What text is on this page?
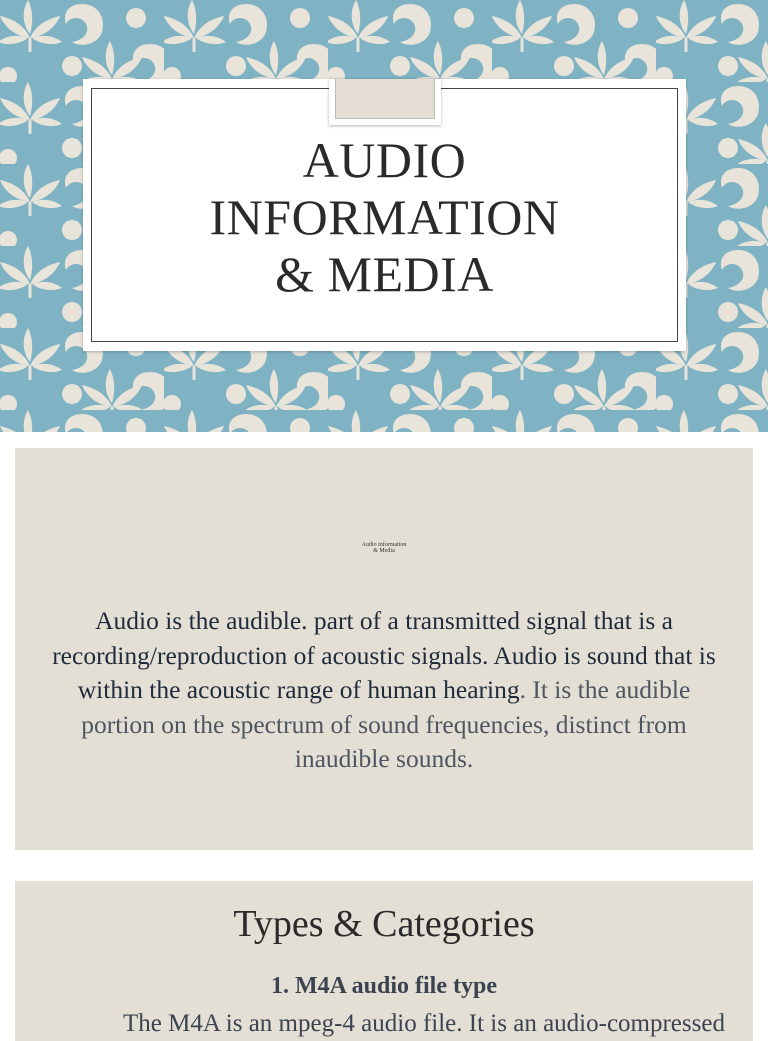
AUDIO
INFORMATION
& MEDIA
Audio information
& Media
Audio is the audible. part of a transmitted signal that is a recording/reproduction of acoustic signals. Audio is sound that is within the acoustic range of human hearing. It is the audible portion on the spectrum of sound frequencies, distinct from inaudible sounds.
Types & Categories
1. M4A audio file type
The M4A is an mpeg-4 audio file. It is an audio-compressed
